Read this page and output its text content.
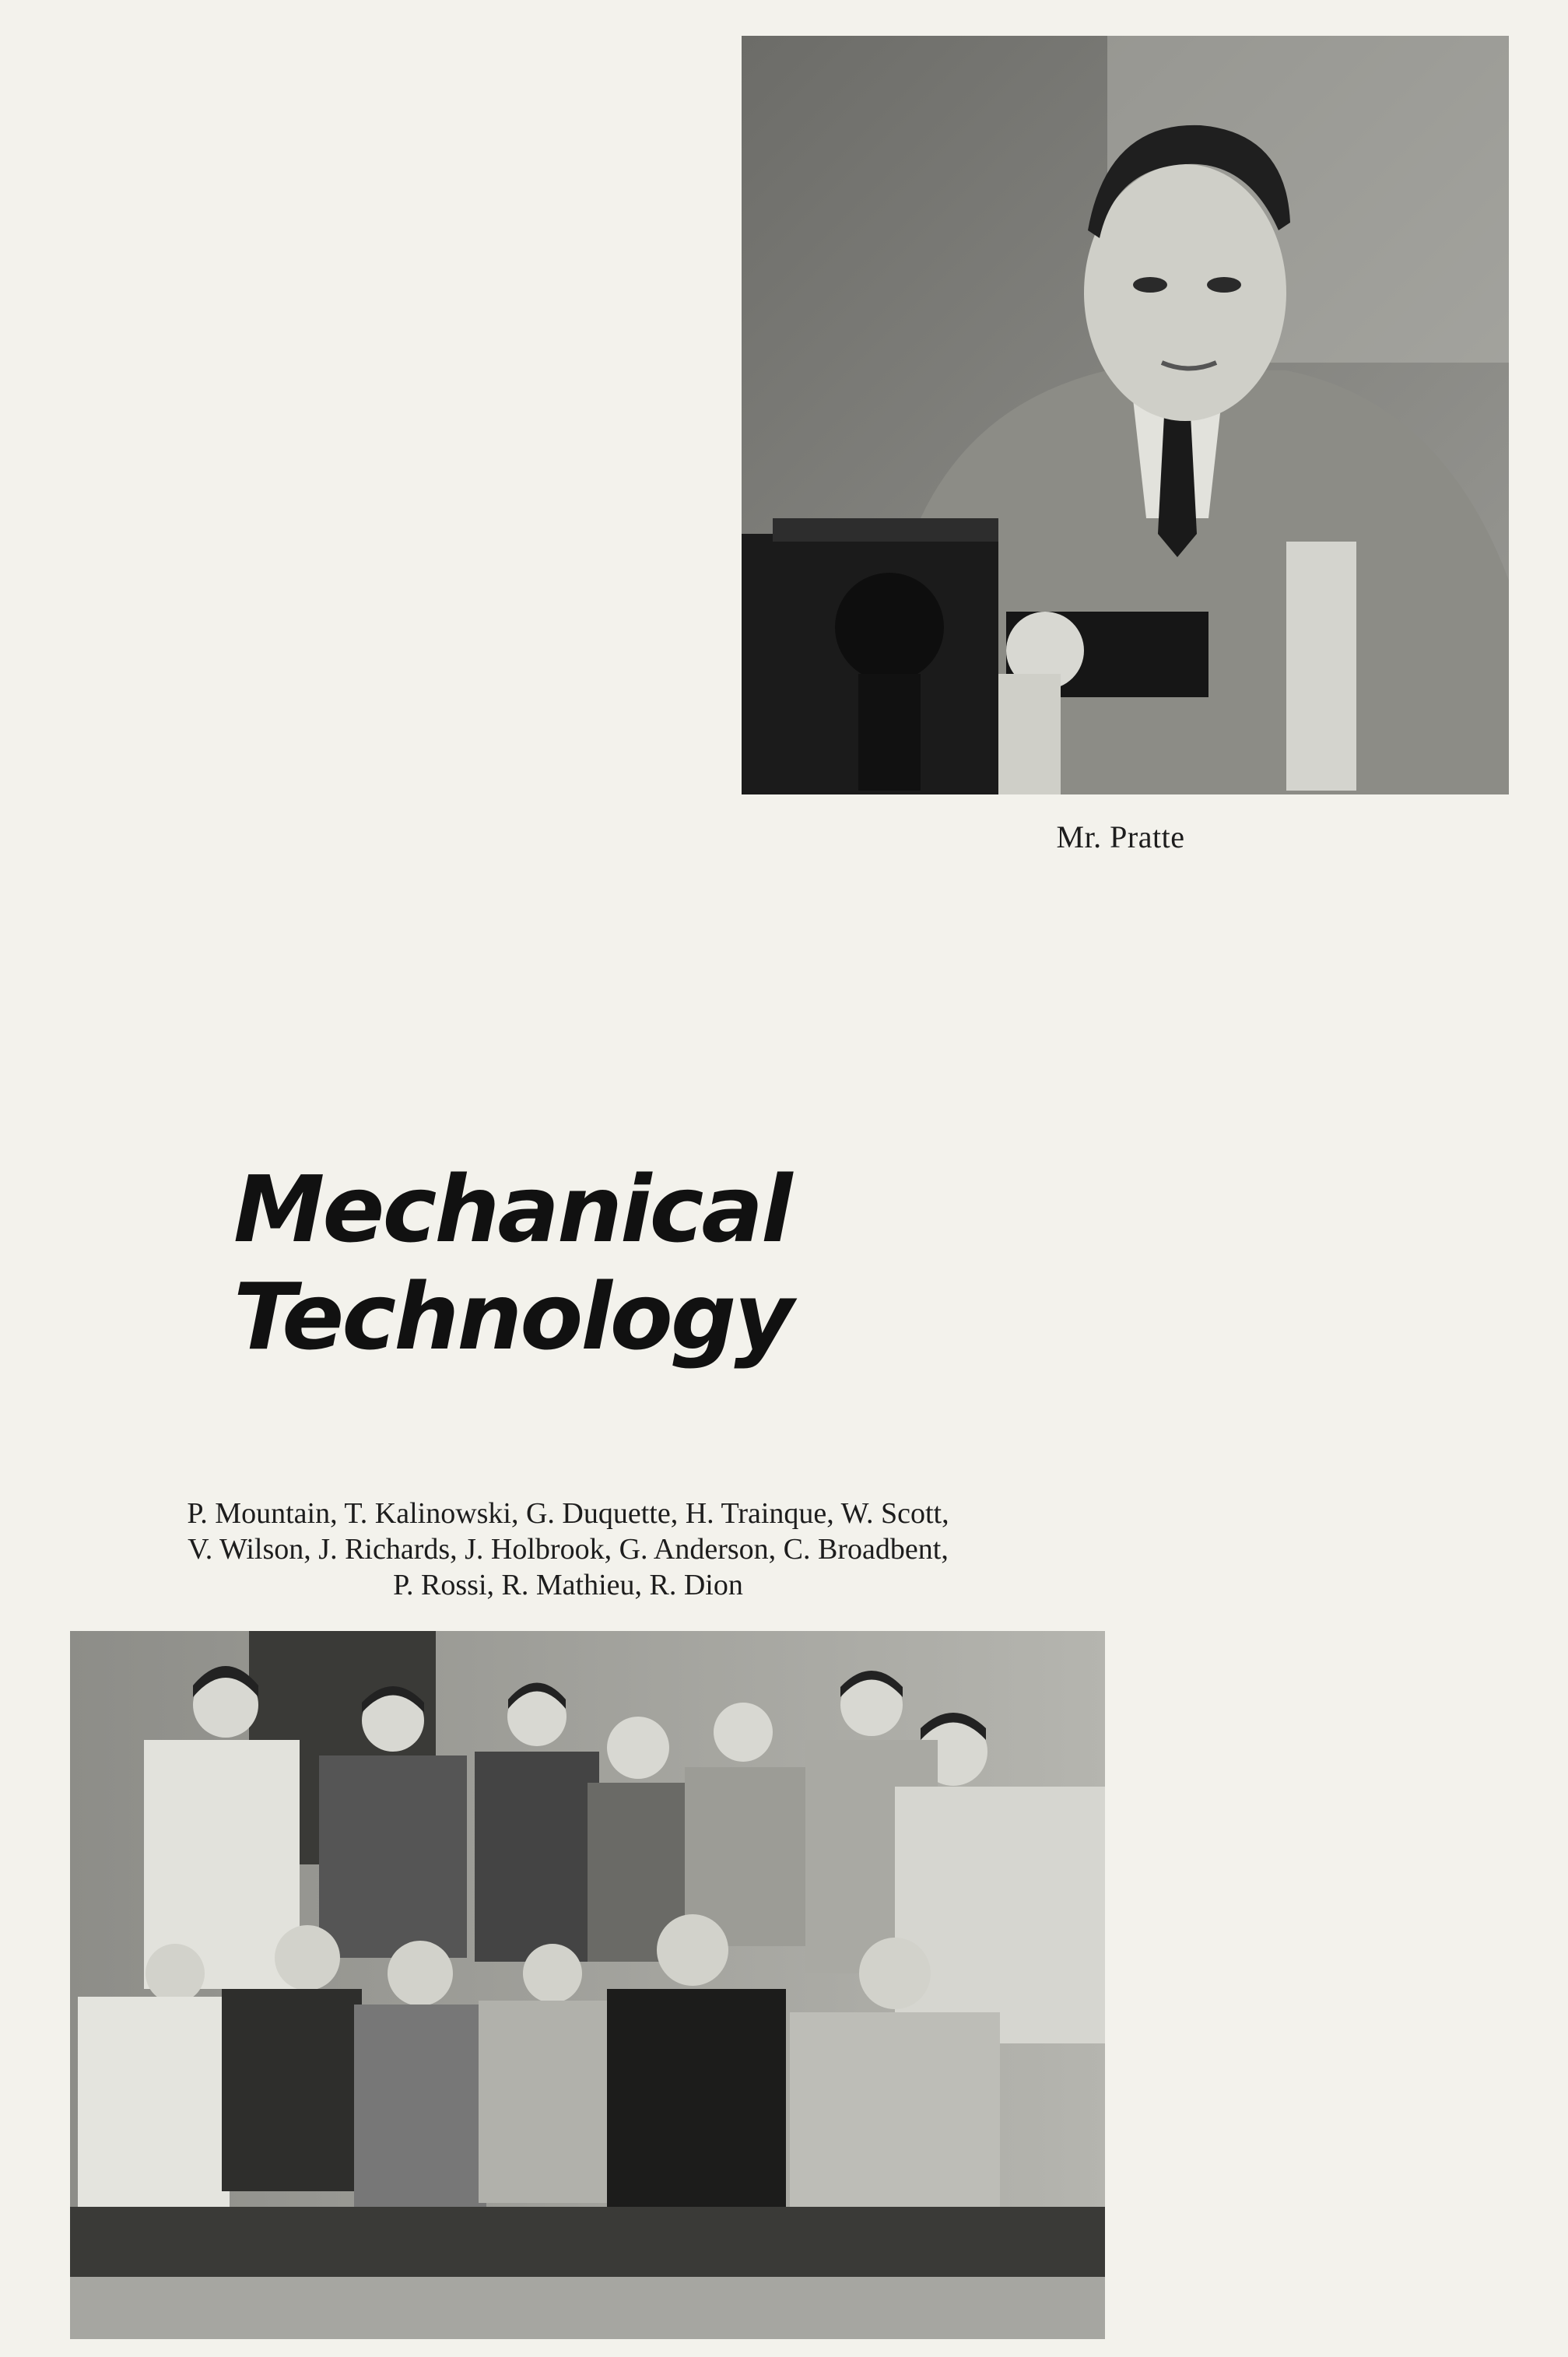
Mr. Pratte
Mechanical Technology
P. Mountain, T. Kalinowski, G. Duquette, H. Trainque, W. Scott,
V. Wilson, J. Richards, J. Holbrook, G. Anderson, C. Broadbent,
P. Rossi, R. Mathieu, R. Dion
